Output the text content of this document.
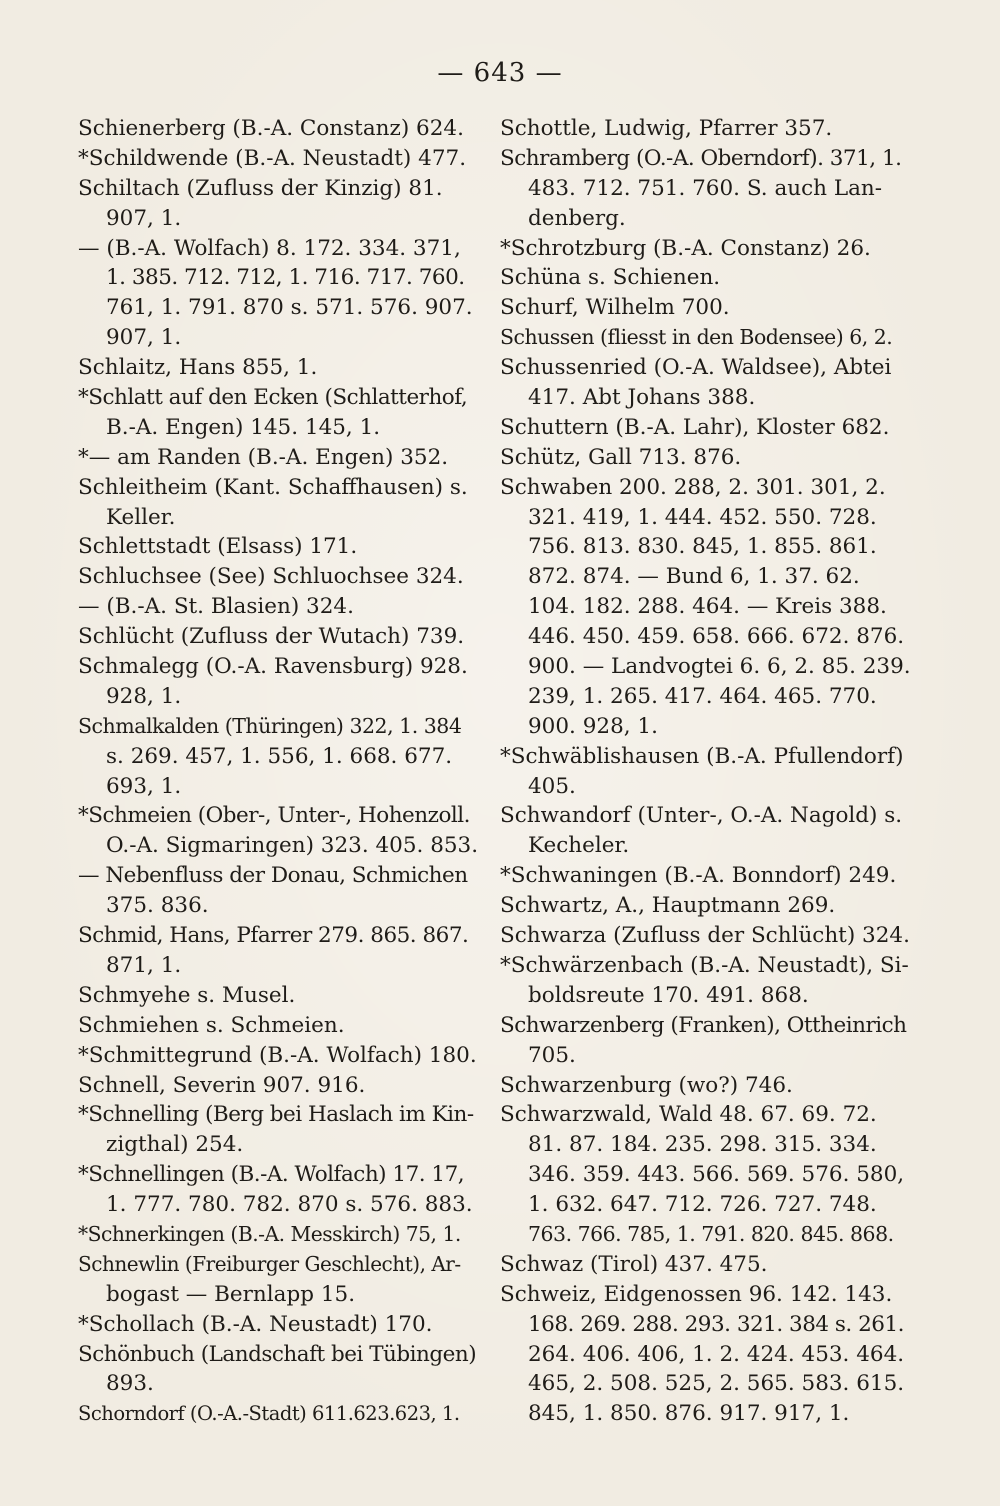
— 643 —
Schienerberg (B.-A. Constanz) 624.
*Schildwende (B.-A. Neustadt) 477.
Schiltach (Zufluss der Kinzig) 81.
907, 1.
— (B.-A. Wolfach) 8. 172. 334. 371,
1. 385. 712. 712, 1. 716. 717. 760.
761, 1. 791. 870 s. 571. 576. 907.
907, 1.
Schlaitz, Hans 855, 1.
*Schlatt auf den Ecken (Schlatterhof,
B.-A. Engen) 145. 145, 1.
*— am Randen (B.-A. Engen) 352.
Schleitheim (Kant. Schaffhausen) s.
Keller.
Schlettstadt (Elsass) 171.
Schluchsee (See) Schluochsee 324.
— (B.-A. St. Blasien) 324.
Schlücht (Zufluss der Wutach) 739.
Schmalegg (O.-A. Ravensburg) 928.
928, 1.
Schmalkalden (Thüringen) 322, 1. 384
s. 269. 457, 1. 556, 1. 668. 677.
693, 1.
*Schmeien (Ober-, Unter-, Hohenzoll.
O.-A. Sigmaringen) 323. 405. 853.
— Nebenfluss der Donau, Schmichen
375. 836.
Schmid, Hans, Pfarrer 279. 865. 867.
871, 1.
Schmyehe s. Musel.
Schmiehen s. Schmeien.
*Schmittegrund (B.-A. Wolfach) 180.
Schnell, Severin 907. 916.
*Schnelling (Berg bei Haslach im Kin-
zigthal) 254.
*Schnellingen (B.-A. Wolfach) 17. 17,
1. 777. 780. 782. 870 s. 576. 883.
*Schnerkingen (B.-A. Messkirch) 75, 1.
Schnewlin (Freiburger Geschlecht), Ar-
bogast — Bernlapp 15.
*Schollach (B.-A. Neustadt) 170.
Schönbuch (Landschaft bei Tübingen)
893.
Schorndorf (O.-A.-Stadt) 611.623.623, 1.
Schottle, Ludwig, Pfarrer 357.
Schramberg (O.-A. Oberndorf). 371, 1.
483. 712. 751. 760. S. auch Lan-
denberg.
*Schrotzburg (B.-A. Constanz) 26.
Schüna s. Schienen.
Schurf, Wilhelm 700.
Schussen (fliesst in den Bodensee) 6, 2.
Schussenried (O.-A. Waldsee), Abtei
417. Abt Johans 388.
Schuttern (B.-A. Lahr), Kloster 682.
Schütz, Gall 713. 876.
Schwaben 200. 288, 2. 301. 301, 2.
321. 419, 1. 444. 452. 550. 728.
756. 813. 830. 845, 1. 855. 861.
872. 874. — Bund 6, 1. 37. 62.
104. 182. 288. 464. — Kreis 388.
446. 450. 459. 658. 666. 672. 876.
900. — Landvogtei 6. 6, 2. 85. 239.
239, 1. 265. 417. 464. 465. 770.
900. 928, 1.
*Schwäblishausen (B.-A. Pfullendorf)
405.
Schwandorf (Unter-, O.-A. Nagold) s.
Kecheler.
*Schwaningen (B.-A. Bonndorf) 249.
Schwartz, A., Hauptmann 269.
Schwarza (Zufluss der Schlücht) 324.
*Schwärzenbach (B.-A. Neustadt), Si-
boldsreute 170. 491. 868.
Schwarzenberg (Franken), Ottheinrich
705.
Schwarzenburg (wo?) 746.
Schwarzwald, Wald 48. 67. 69. 72.
81. 87. 184. 235. 298. 315. 334.
346. 359. 443. 566. 569. 576. 580,
1. 632. 647. 712. 726. 727. 748.
763. 766. 785, 1. 791. 820. 845. 868.
Schwaz (Tirol) 437. 475.
Schweiz, Eidgenossen 96. 142. 143.
168. 269. 288. 293. 321. 384 s. 261.
264. 406. 406, 1. 2. 424. 453. 464.
465, 2. 508. 525, 2. 565. 583. 615.
845, 1. 850. 876. 917. 917, 1.
